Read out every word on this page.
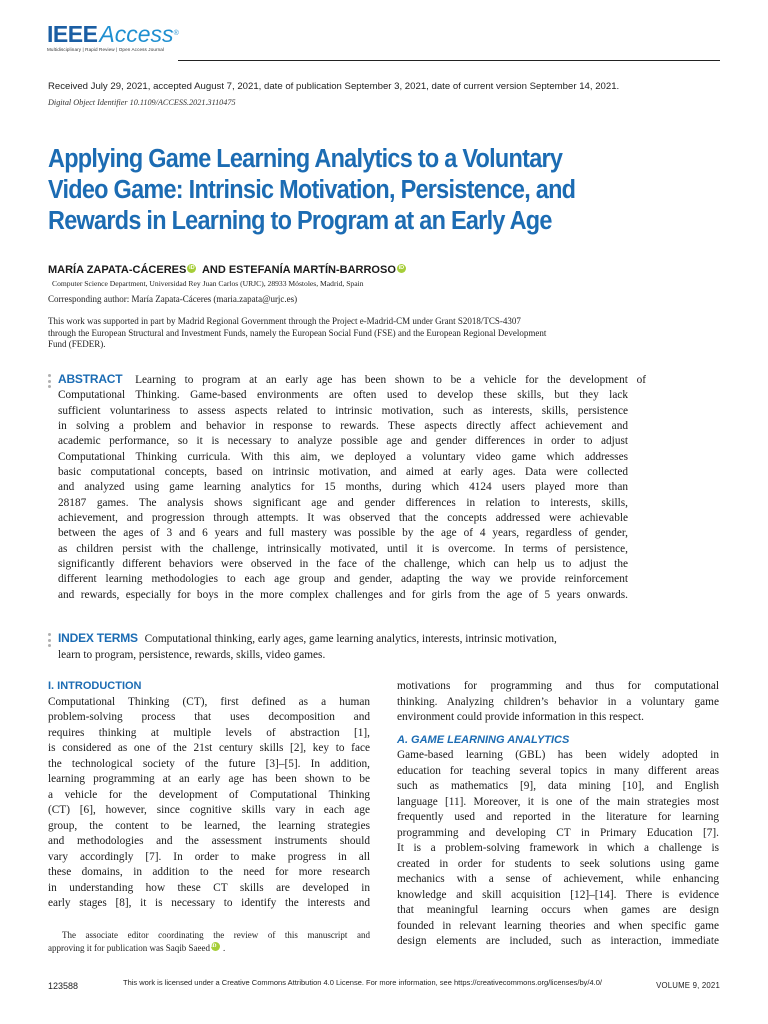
IEEEAccess®
Multidisciplinary | Rapid Review | Open Access Journal
Received July 29, 2021, accepted August 7, 2021, date of publication September 3, 2021, date of current version September 14, 2021.
Digital Object Identifier 10.1109/ACCESS.2021.3110475
Applying Game Learning Analytics to a Voluntary
Video Game: Intrinsic Motivation, Persistence, and
Rewards in Learning to Program at an Early Age
MARÍA ZAPATA-CÁCERES iD AND ESTEFANÍA MARTÍN-BARROSO iD
Computer Science Department, Universidad Rey Juan Carlos (URJC), 28933 Móstoles, Madrid, Spain
Corresponding author: María Zapata-Cáceres (maria.zapata@urjc.es)
This work was supported in part by Madrid Regional Government through the Project e-Madrid-CM under Grant S2018/TCS-4307
through the European Structural and Investment Funds, namely the European Social Fund (FSE) and the European Regional Development
Fund (FEDER).
ABSTRACT Learning to program at an early age has been shown to be a vehicle for the development of
Computational Thinking. Game-based environments are often used to develop these skills, but they lack
sufficient voluntariness to assess aspects related to intrinsic motivation, such as interests, skills, persistence
in solving a problem and behavior in response to rewards. These aspects directly affect achievement and
academic performance, so it is necessary to analyze possible age and gender differences in order to adjust
Computational Thinking curricula. With this aim, we deployed a voluntary video game which addresses
basic computational concepts, based on intrinsic motivation, and aimed at early ages. Data were collected
and analyzed using game learning analytics for 15 months, during which 4124 users played more than
28187 games. The analysis shows significant age and gender differences in relation to interests, skills,
achievement, and progression through attempts. It was observed that the concepts addressed were achievable
between the ages of 3 and 6 years and full mastery was possible by the age of 4 years, regardless of gender,
as children persist with the challenge, intrinsically motivated, until it is overcome. In terms of persistence,
significantly different behaviors were observed in the face of the challenge, which can help us to adjust the
different learning methodologies to each age group and gender, adapting the way we provide reinforcement
and rewards, especially for boys in the more complex challenges and for girls from the age of 5 years onwards.
INDEX TERMS Computational thinking, early ages, game learning analytics, interests, intrinsic motivation,
learn to program, persistence, rewards, skills, video games.
I. INTRODUCTION
Computational Thinking (CT), first defined as a human
problem-solving process that uses decomposition and
requires thinking at multiple levels of abstraction [1],
is considered as one of the 21st century skills [2], key to face
the technological society of the future [3]–[5]. In addition,
learning programming at an early age has been shown to be
a vehicle for the development of Computational Thinking
(CT) [6], however, since cognitive skills vary in each age
group, the content to be learned, the learning strategies
and methodologies and the assessment instruments should
vary accordingly [7]. In order to make progress in all
these domains, in addition to the need for more research
in understanding how these CT skills are developed in
early stages [8], it is necessary to identify the interests and
The associate editor coordinating the review of this manuscript and
approving it for publication was Saqib SaeediD .
motivations for programming and thus for computational
thinking. Analyzing children’s behavior in a voluntary game
environment could provide information in this respect.
A. GAME LEARNING ANALYTICS
Game-based learning (GBL) has been widely adopted in
education for teaching several topics in many different areas
such as mathematics [9], data mining [10], and English
language [11]. Moreover, it is one of the main strategies most
frequently used and reported in the literature for learning
programming and developing CT in Primary Education [7].
It is a problem-solving framework in which a challenge is
created in order for students to seek solutions using game
mechanics with a sense of achievement, while enhancing
knowledge and skill acquisition [12]–[14]. There is evidence
that meaningful learning occurs when games are design
founded in relevant learning theories and when specific game
design elements are included, such as interaction, immediate
123588	This work is licensed under a Creative Commons Attribution 4.0 License. For more information, see https://creativecommons.org/licenses/by/4.0/	VOLUME 9, 2021
